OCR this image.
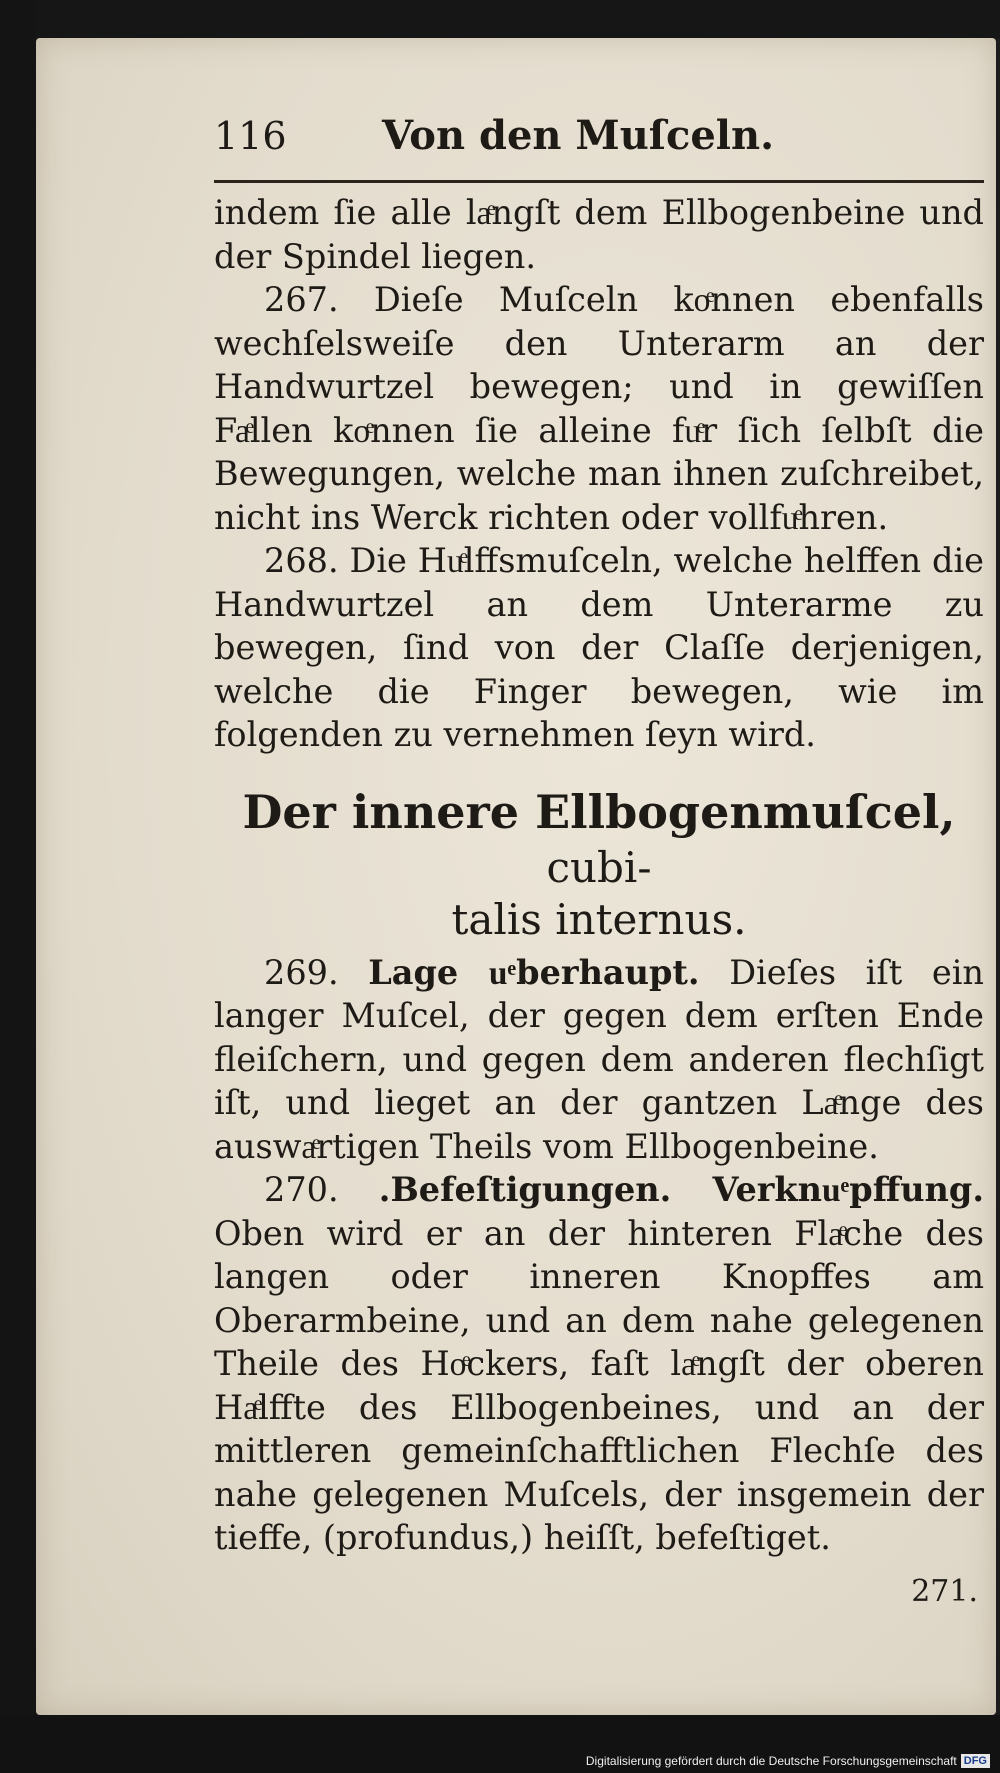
116 Von den Muſceln.

indem ſie alle laͤngſt dem Ellbogenbeine und der Spindel liegen.

267. Dieſe Muſceln koͤnnen ebenfalls wechſelsweiſe den Unterarm an der Handwurtzel bewegen; und in gewiſſen Faͤllen koͤnnen ſie alleine fuͤr ſich ſelbſt die Bewegungen, welche man ihnen zuſchreibet, nicht ins Werck richten oder vollfuͤhren.

268. Die Huͤlffsmuſceln, welche helffen die Handwurtzel an dem Unterarme zu bewegen, ſind von der Claſſe derjenigen, welche die Finger bewegen, wie im folgenden zu vernehmen ſeyn wird.

Der innere Ellbogenmuſcel, cubi-
talis internus.

269. Lage uͤberhaupt. Dieſes iſt ein langer Muſcel, der gegen dem erſten Ende fleiſchern, und gegen dem anderen flechſigt iſt, und lieget an der gantzen Laͤnge des auswaͤrtigen Theils vom Ellbogenbeine.

270. .Befeſtigungen. Verknuͤpffung. Oben wird er an der hinteren Flaͤche des langen oder inneren Knopffes am Oberarmbeine, und an dem nahe gelegenen Theile des Hoͤckers, faſt laͤngſt der oberen Haͤlffte des Ellbogenbeines, und an der mittleren gemeinſchafftlichen Flechſe des nahe gelegenen Muſcels, der insgemein der tieffe, (profundus,) heiſſt, befeſtiget.

271.
Digitalisierung gefördert durch die Deutsche Forschungsgemeinschaft DFG
